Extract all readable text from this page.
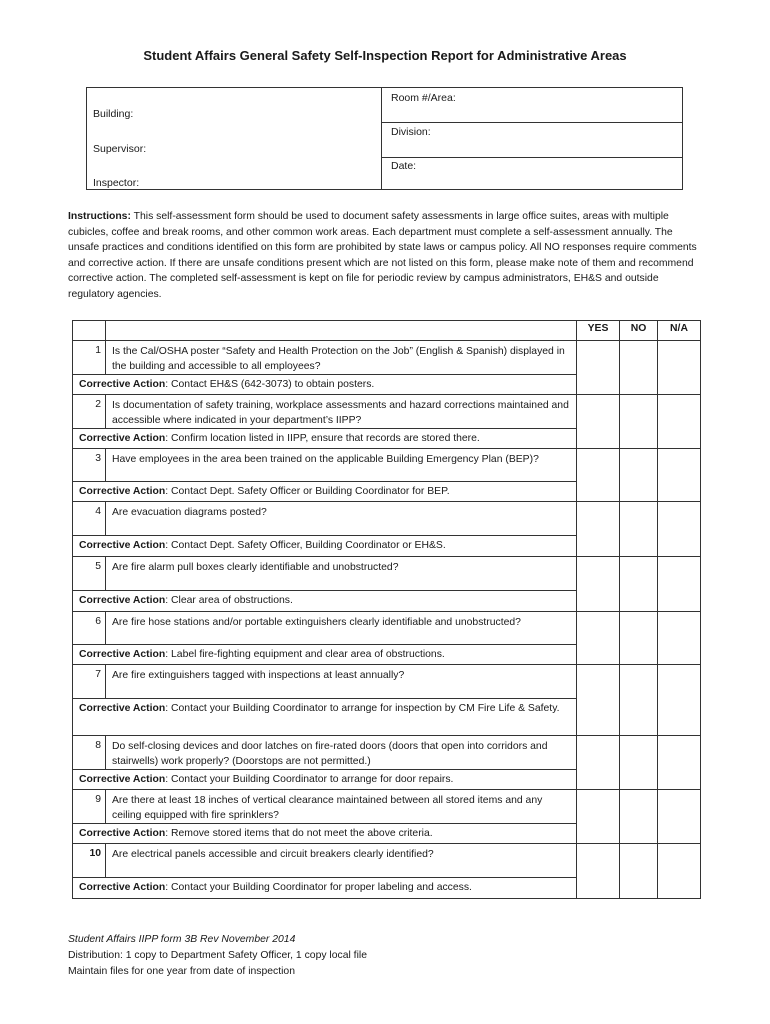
Student Affairs General Safety Self-Inspection Report for Administrative Areas
Room #/Area:
Building:
Division:
Supervisor:
Date:
Inspector:
Instructions: This self-assessment form should be used to document safety assessments in large office suites, areas with multiple cubicles, coffee and break rooms, and other common work areas. Each department must complete a self-assessment annually. The unsafe practices and conditions identified on this form are prohibited by state laws or campus policy. All NO responses require comments and corrective action. If there are unsafe conditions present which are not listed on this form, please make note of them and recommend corrective action. The completed self-assessment is kept on file for periodic review by campus administrators, EH&S and outside regulatory agencies.
		YES	NO	N/A
1	Is the Cal/OSHA poster “Safety and Health Protection on the Job” (English & Spanish) displayed in the building and accessible to all employees?			
Corrective Action: Contact EH&S (642-3073) to obtain posters.				
2	Is documentation of safety training, workplace assessments and hazard corrections maintained and accessible where indicated in your department’s IIPP?			
Corrective Action: Confirm location listed in IIPP, ensure that records are stored there.				
3	Have employees in the area been trained on the applicable Building Emergency Plan (BEP)?			
Corrective Action: Contact Dept. Safety Officer or Building Coordinator for BEP.				
4	Are evacuation diagrams posted?			
Corrective Action: Contact Dept. Safety Officer, Building Coordinator or EH&S.				
5	Are fire alarm pull boxes clearly identifiable and unobstructed?			
Corrective Action: Clear area of obstructions.				
6	Are fire hose stations and/or portable extinguishers clearly identifiable and unobstructed?			
Corrective Action: Label fire-fighting equipment and clear area of obstructions.				
7	Are fire extinguishers tagged with inspections at least annually?			
Corrective Action: Contact your Building Coordinator to arrange for inspection by CM Fire Life & Safety.				
8	Do self-closing devices and door latches on fire-rated doors (doors that open into corridors and stairwells) work properly? (Doorstops are not permitted.)			
Corrective Action: Contact your Building Coordinator to arrange for door repairs.				
9	Are there at least 18 inches of vertical clearance maintained between all stored items and any ceiling equipped with fire sprinklers?			
Corrective Action: Remove stored items that do not meet the above criteria.				
10	Are electrical panels accessible and circuit breakers clearly identified?			
Corrective Action: Contact your Building Coordinator for proper labeling and access.				
Student Affairs IIPP form 3B Rev November 2014
Distribution: 1 copy to Department Safety Officer, 1 copy local file
Maintain files for one year from date of inspection
